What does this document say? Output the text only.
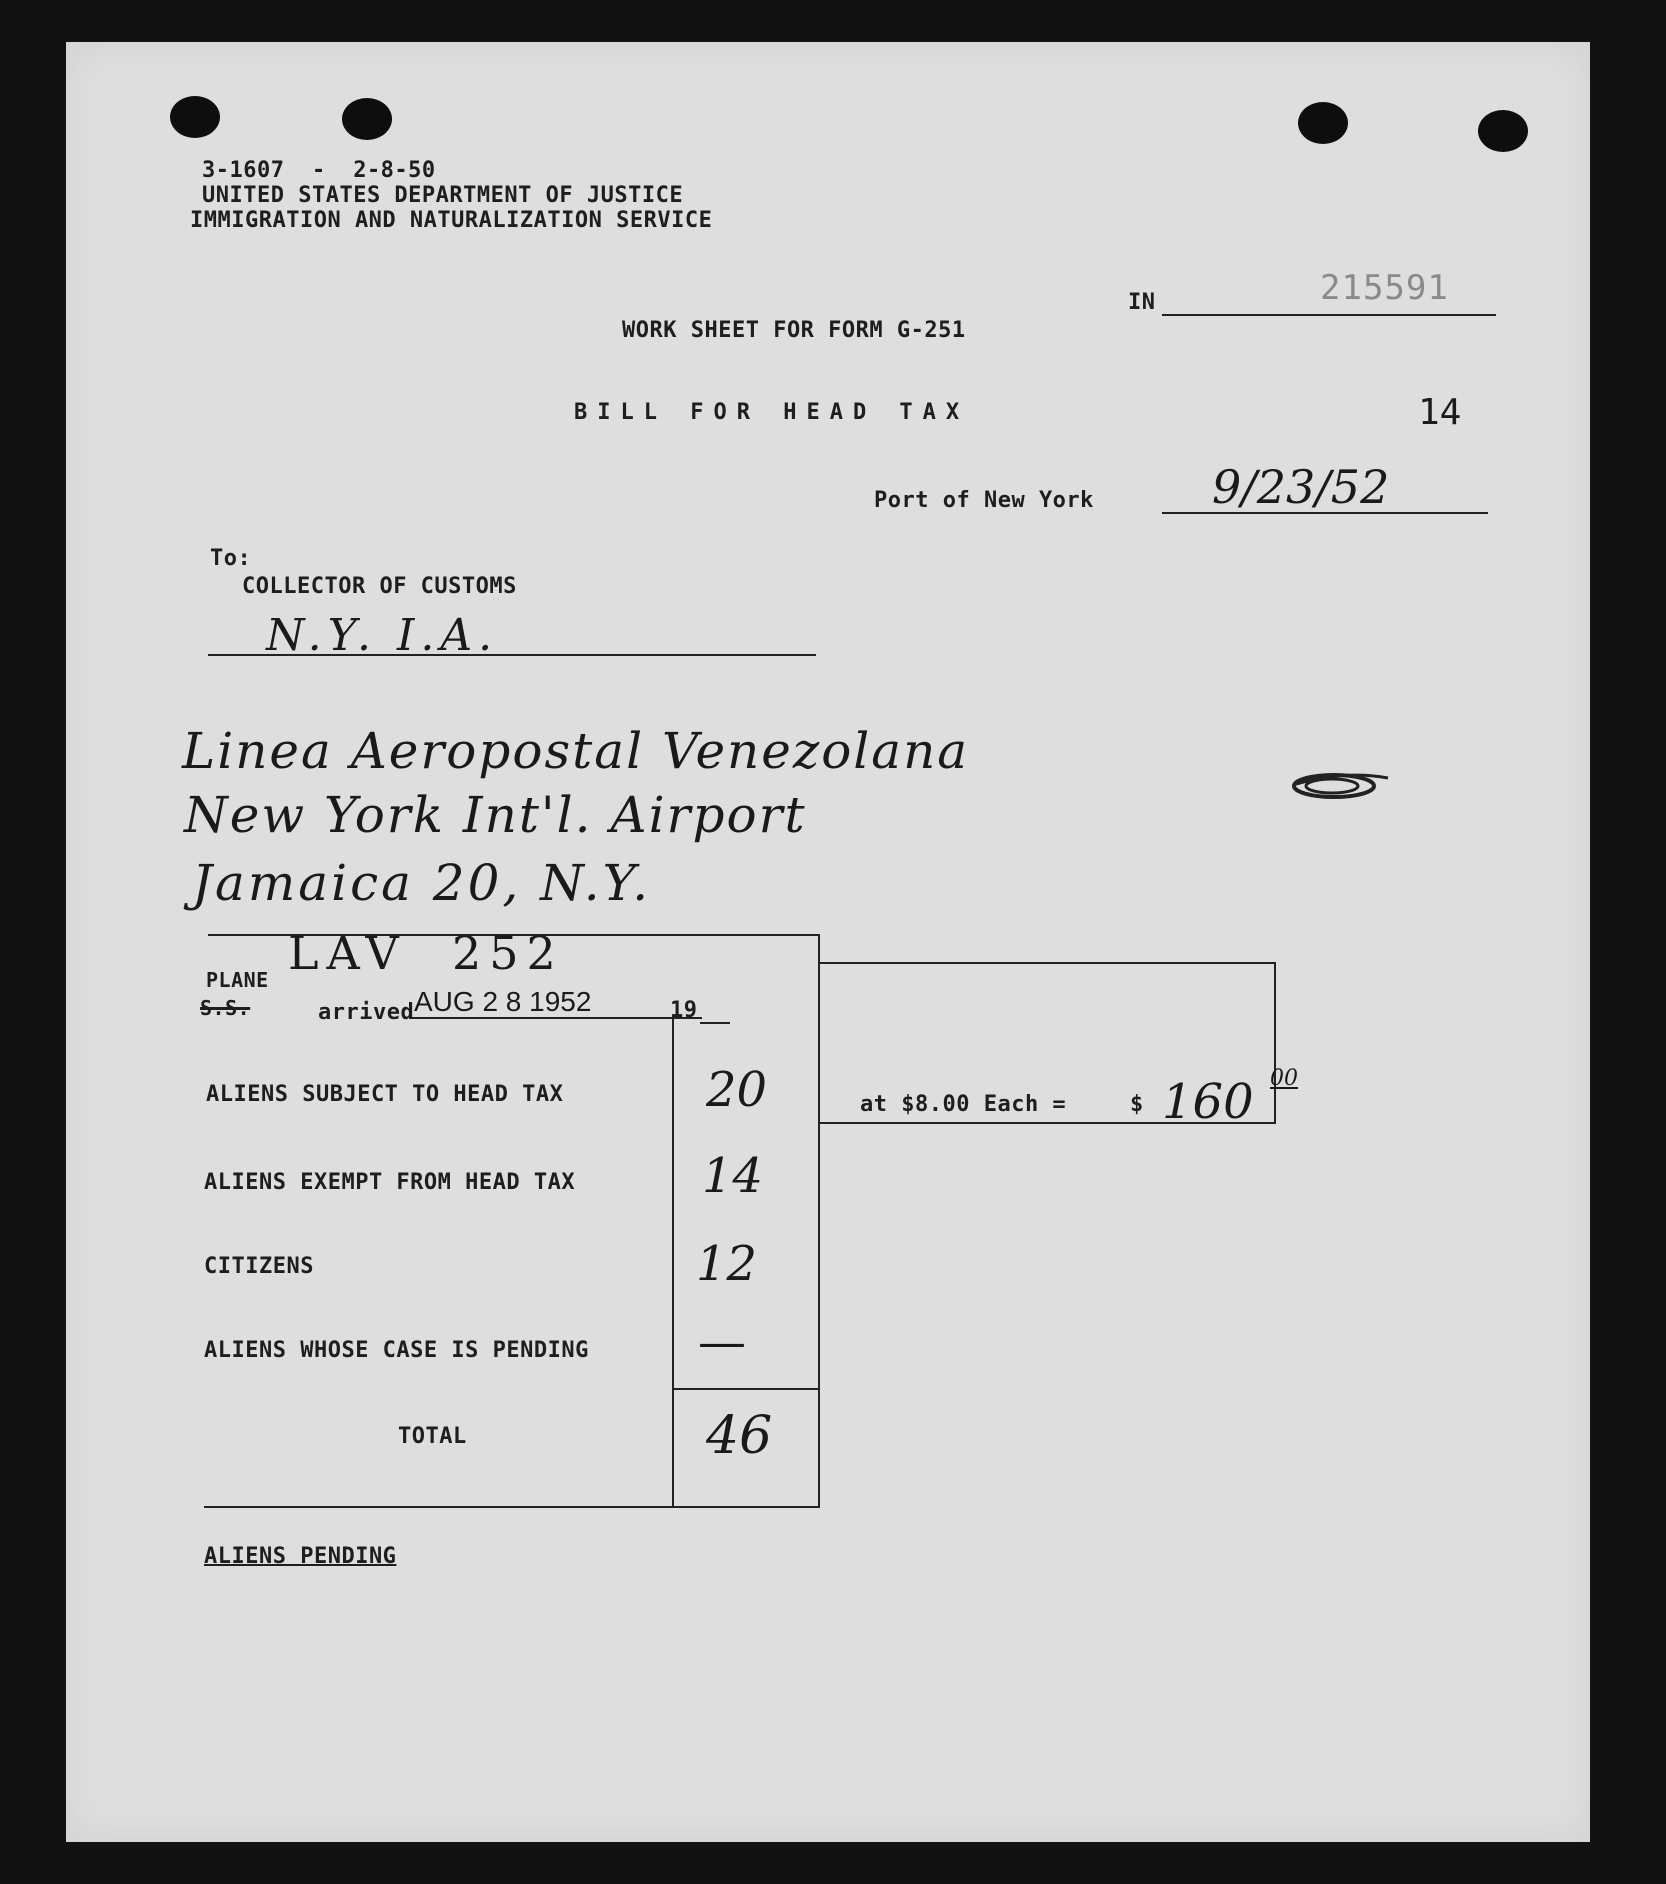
3-1607  -  2-8-50
UNITED STATES DEPARTMENT OF JUSTICE
IMMIGRATION AND NATURALIZATION SERVICE
IN	215591
WORK SHEET FOR FORM G-251
BILL FOR HEAD TAX	14
Port of New York	9/23/52
To:
COLLECTOR OF CUSTOMS
N.Y. I.A.
Linea Aeropostal Venezolana
New York Int'l. Airport
Jamaica 20, N.Y.
LAV  252
PLANE
S.S.	arrived AUG 2 8 1952	19
ALIENS SUBJECT TO HEAD TAX	20
ALIENS EXEMPT FROM HEAD TAX	14
CITIZENS	12
ALIENS WHOSE CASE IS PENDING —
TOTAL	46
at $8.00 Each =	$ 160 00
ALIENS PENDING
